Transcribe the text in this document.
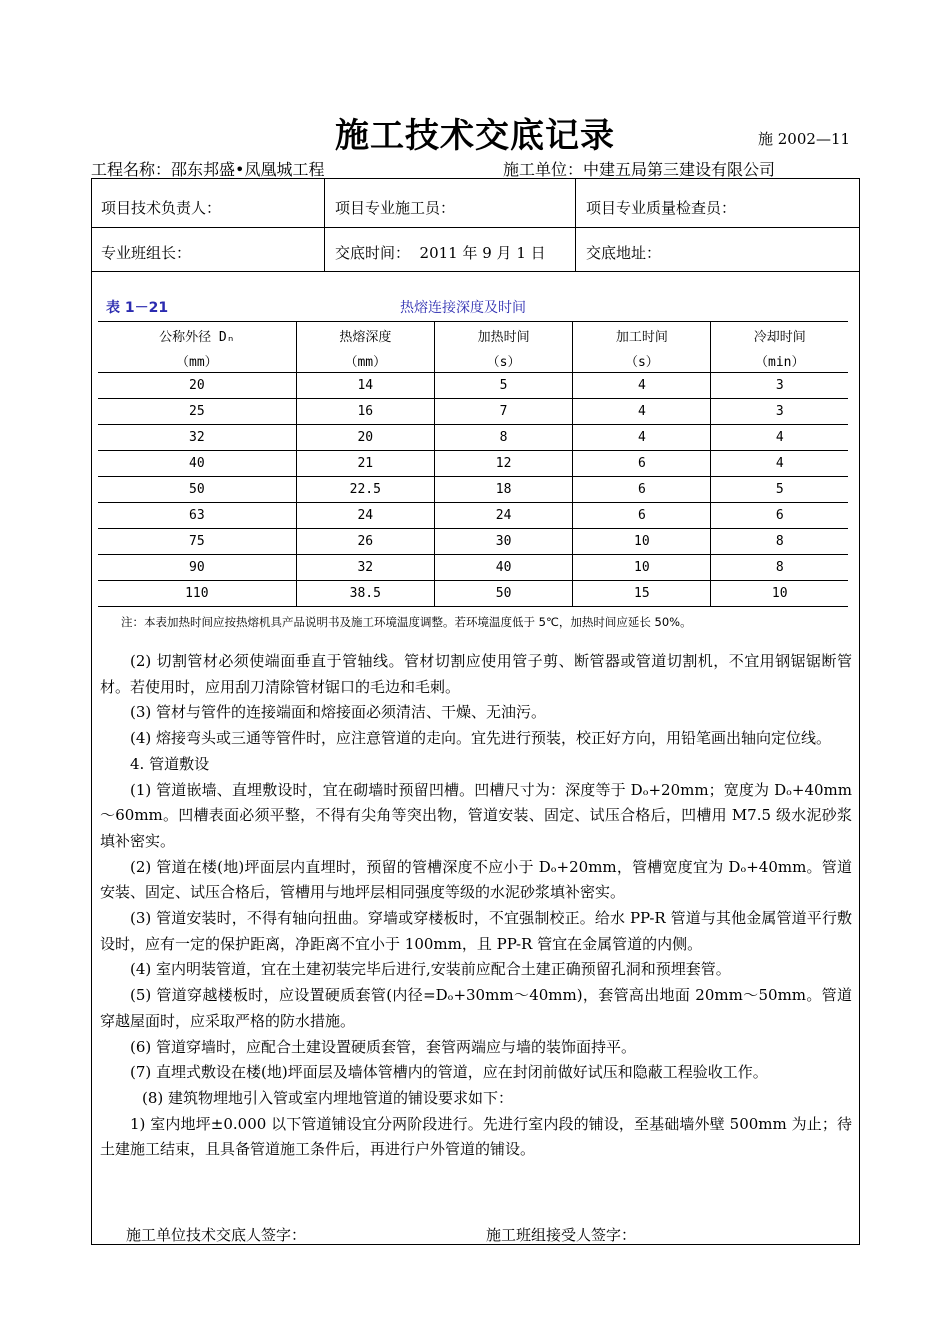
施工技术交底记录	施 2002—11
工程名称：邵东邦盛•凤凰城工程	施工单位：中建五局第三建设有限公司
项目技术负责人：	项目专业施工员：	项目专业质量检查员：
专业班组长：	交底时间：  2011 年 9 月 1 日	交底地址：
表 1－21	热熔连接深度及时间
公称外径 Dₙ	热熔深度	加热时间	加工时间	冷却时间
（mm）	（mm）	（s）	（s）	（min）
20	14	5	4	3
25	16	7	4	3
32	20	8	4	4
40	21	12	6	4
50	22.5	18	6	5
63	24	24	6	6
75	26	30	10	8
90	32	40	10	8
110	38.5	50	15	10
注：本表加热时间应按热熔机具产品说明书及施工环境温度调整。若环境温度低于 5℃，加热时间应延长 50%。

(2) 切割管材必须使端面垂直于管轴线。管材切割应使用管子剪、断管器或管道切割机，不宜用钢锯锯断管材。若使用时，应用刮刀清除管材锯口的毛边和毛刺。

(3) 管材与管件的连接端面和熔接面必须清洁、干燥、无油污。

(4) 熔接弯头或三通等管件时，应注意管道的走向。宜先进行预装，校正好方向，用铅笔画出轴向定位线。

4. 管道敷设

(1) 管道嵌墙、直埋敷设时，宜在砌墙时预留凹槽。凹槽尺寸为：深度等于 Dₒ+20mm；宽度为 Dₒ+40mm～60mm。凹槽表面必须平整，不得有尖角等突出物，管道安装、固定、试压合格后，凹槽用 M7.5 级水泥砂浆填补密实。

(2) 管道在楼(地)坪面层内直埋时，预留的管槽深度不应小于 Dₒ+20mm，管槽宽度宜为 Dₒ+40mm。管道安装、固定、试压合格后，管槽用与地坪层相同强度等级的水泥砂浆填补密实。

(3) 管道安装时，不得有轴向扭曲。穿墙或穿楼板时，不宜强制校正。给水 PP-R 管道与其他金属管道平行敷设时，应有一定的保护距离，净距离不宜小于 100mm，且 PP-R 管宜在金属管道的内侧。

(4) 室内明装管道，宜在土建初装完毕后进行,安装前应配合土建正确预留孔洞和预埋套管。

(5) 管道穿越楼板时，应设置硬质套管(内径=Dₒ+30mm～40mm)，套管高出地面 20mm～50mm。管道穿越屋面时，应采取严格的防水措施。

(6) 管道穿墙时，应配合土建设置硬质套管，套管两端应与墙的装饰面持平。

(7) 直埋式敷设在楼(地)坪面层及墙体管槽内的管道，应在封闭前做好试压和隐蔽工程验收工作。

(8) 建筑物埋地引入管或室内埋地管道的铺设要求如下：

1) 室内地坪±0.000 以下管道铺设宜分两阶段进行。先进行室内段的铺设，至基础墙外壁 500mm 为止；待土建施工结束，且具备管道施工条件后，再进行户外管道的铺设。

施工单位技术交底人签字：	施工班组接受人签字：
